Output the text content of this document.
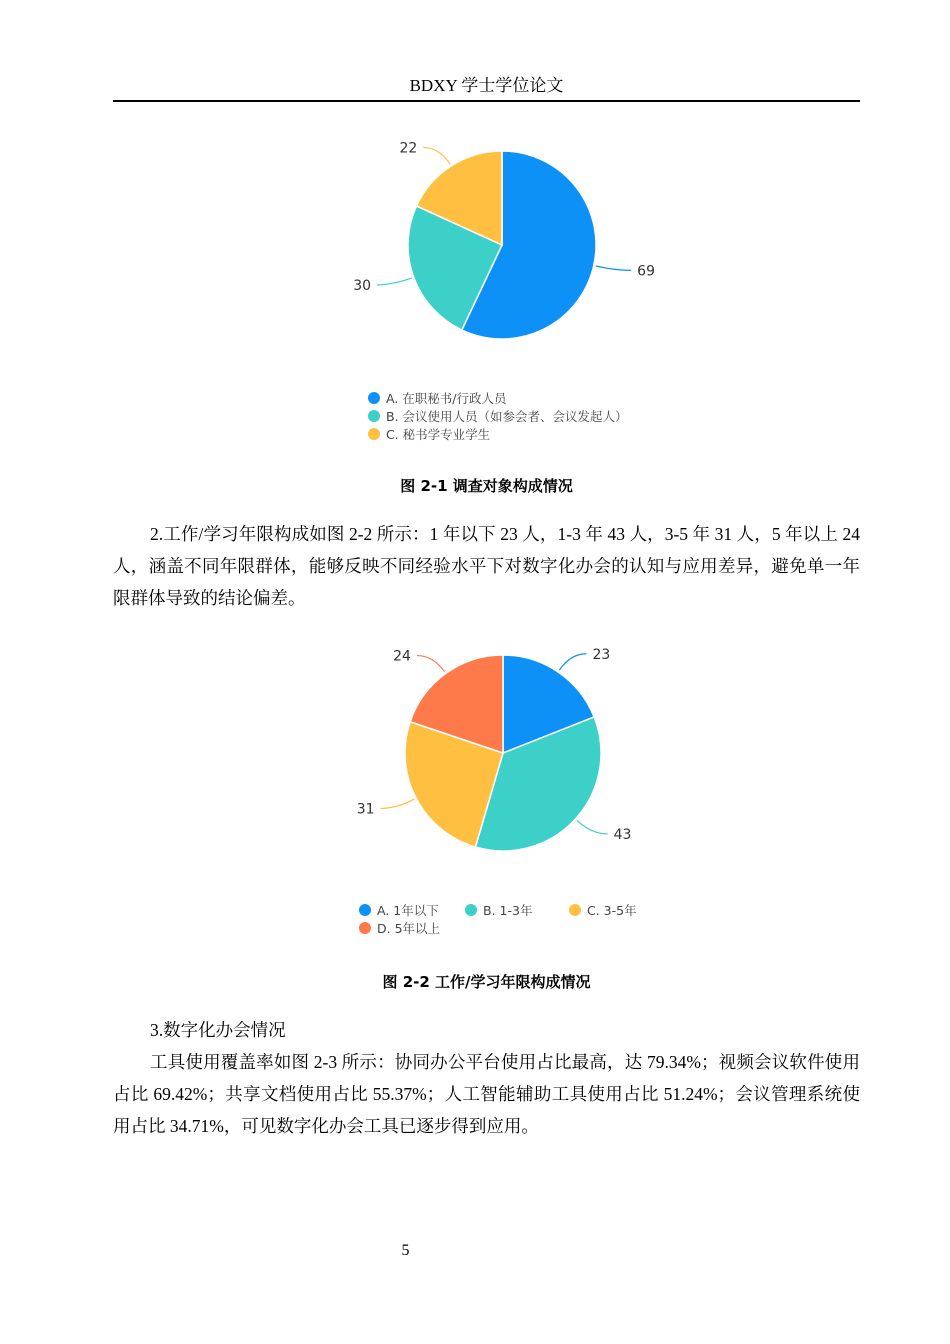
BDXY 学士学位论文
69
30
22
A. 在职秘书/行政人员
B. 会议使用人员（如参会者、会议发起人）
C. 秘书学专业学生
图 2-1 调查对象构成情况

2.工作/学习年限构成如图 2-2 所示：1 年以下 23 人，1-3 年 43 人，3-5 年 31 人，5 年以上 24 人，涵盖不同年限群体，能够反映不同经验水平下对数字化办会的认知与应用差异，避免单一年限群体导致的结论偏差。

23
43
31
24
A. 1年以下	B. 1-3年	C. 3-5年
D. 5年以上
图 2-2 工作/学习年限构成情况

3.数字化办会情况

工具使用覆盖率如图 2-3 所示：协同办公平台使用占比最高，达 79.34%；视频会议软件使用占比 69.42%；共享文档使用占比 55.37%；人工智能辅助工具使用占比 51.24%；会议管理系统使用占比 34.71%，可见数字化办会工具已逐步得到应用。

5
